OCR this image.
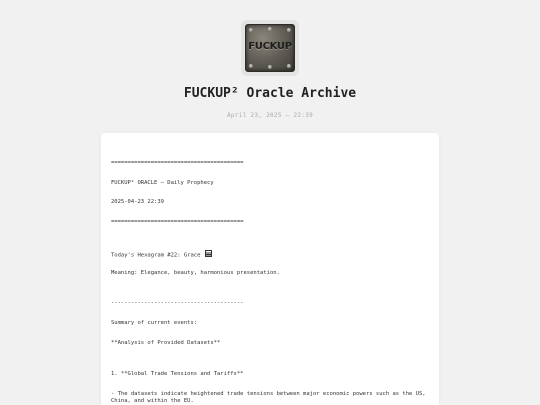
FUCKUP
FUCKUP² Oracle Archive
April 23, 2025 — 22:39
========================================
FUCKUP² ORACLE — Daily Prophecy
2025-04-23 22:39
========================================
Today's Hexagram #22: Grace
Meaning: Elegance, beauty, harmonious presentation.
----------------------------------------
Summary of current events:
**Analysis of Provided Datasets**
1. **Global Trade Tensions and Tariffs**
- The datasets indicate heightened trade tensions between major economic powers such as the US, China, and within the EU.
